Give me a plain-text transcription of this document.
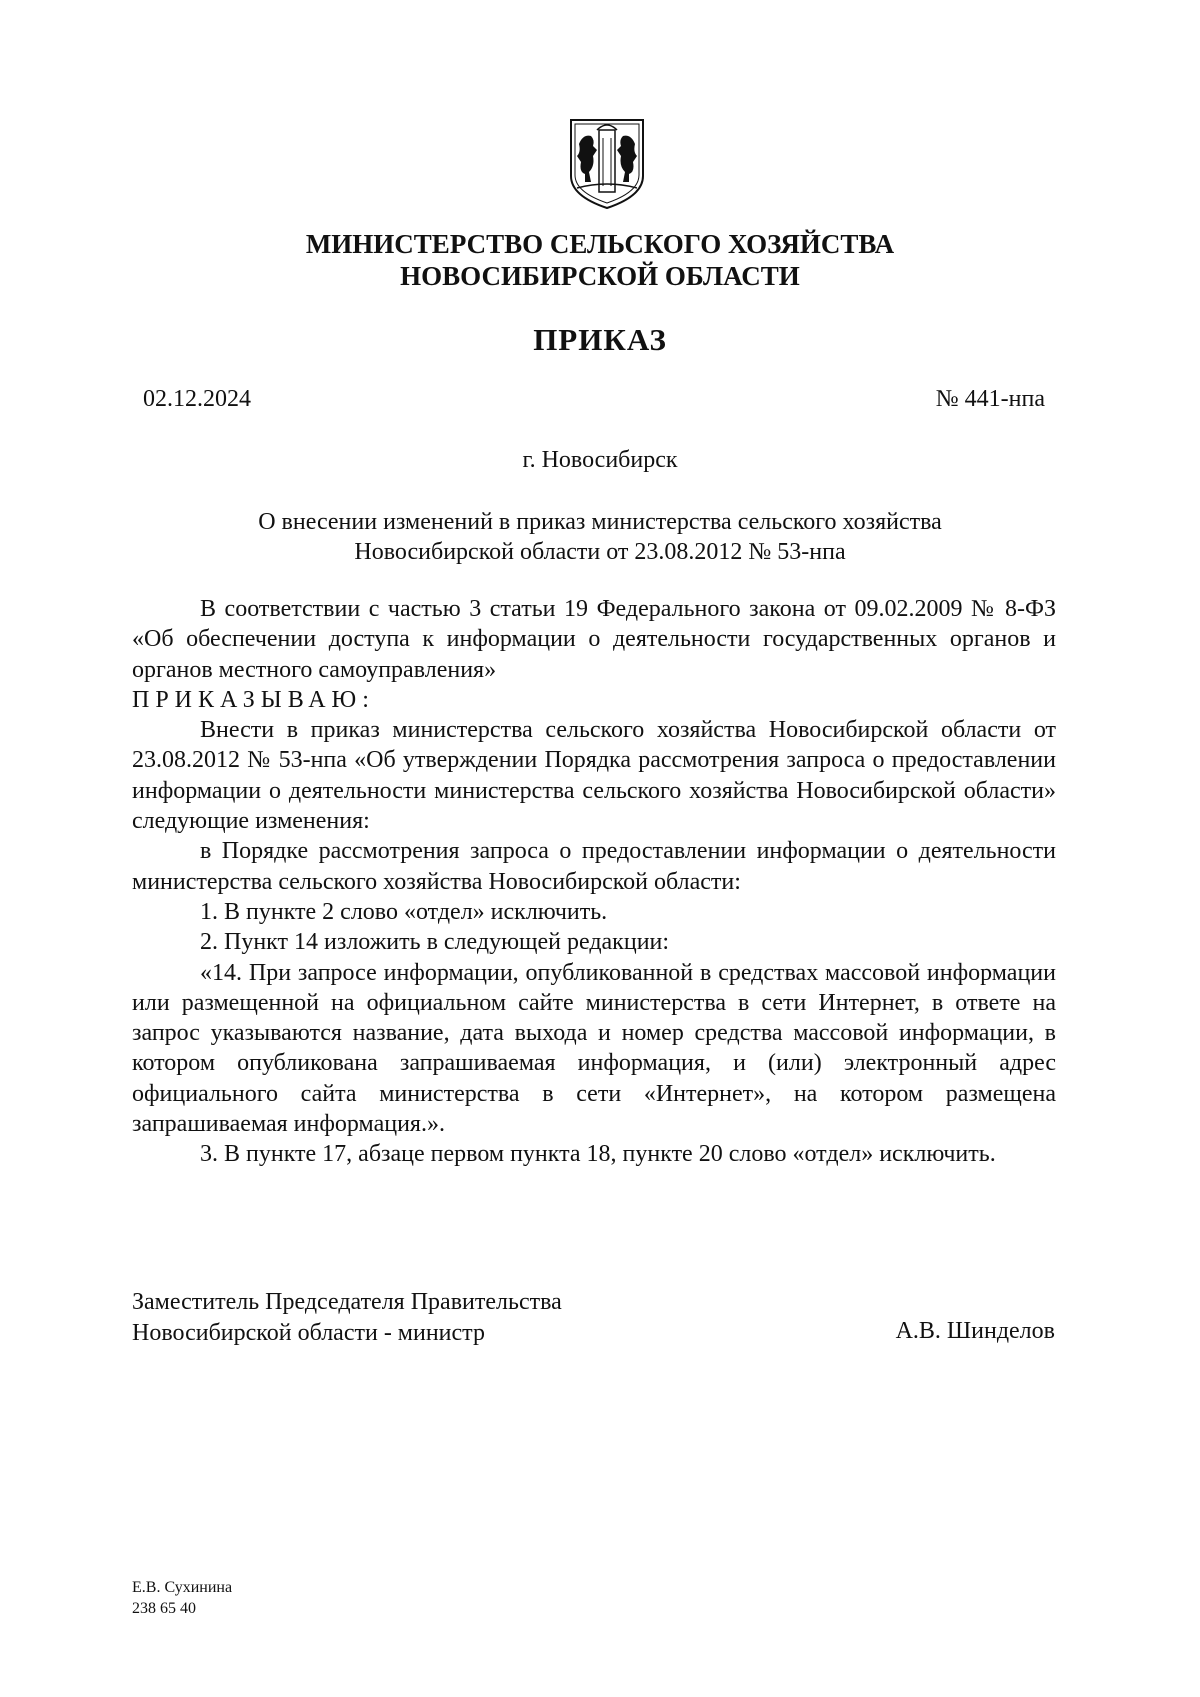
МИНИСТЕРСТВО СЕЛЬСКОГО ХОЗЯЙСТВА
НОВОСИБИРСКОЙ ОБЛАСТИ
ПРИКАЗ
02.12.2024	№ 441-нпа
г. Новосибирск
О внесении изменений в приказ министерства сельского хозяйства
Новосибирской области от 23.08.2012 № 53-нпа

В соответствии с частью 3 статьи 19 Федерального закона от 09.02.2009 № 8-ФЗ «Об обеспечении доступа к информации о деятельности государственных органов и органов местного самоуправления»

ПРИКАЗЫВАЮ:

Внести в приказ министерства сельского хозяйства Новосибирской области от 23.08.2012 № 53-нпа «Об утверждении Порядка рассмотрения запроса о предоставлении информации о деятельности министерства сельского хозяйства Новосибирской области» следующие изменения:

в Порядке рассмотрения запроса о предоставлении информации о деятельности министерства сельского хозяйства Новосибирской области:

1. В пункте 2 слово «отдел» исключить.

2. Пункт 14 изложить в следующей редакции:

«14. При запросе информации, опубликованной в средствах массовой информации или размещенной на официальном сайте министерства в сети Интернет, в ответе на запрос указываются название, дата выхода и номер средства массовой информации, в котором опубликована запрашиваемая информация, и (или) электронный адрес официального сайта министерства в сети «Интернет», на котором размещена запрашиваемая информация.».

3. В пункте 17, абзаце первом пункта 18, пункте 20 слово «отдел» исключить.

Заместитель Председателя Правительства
Новосибирской области - министр	А.В. Шинделов
Е.В. Сухинина
238 65 40
